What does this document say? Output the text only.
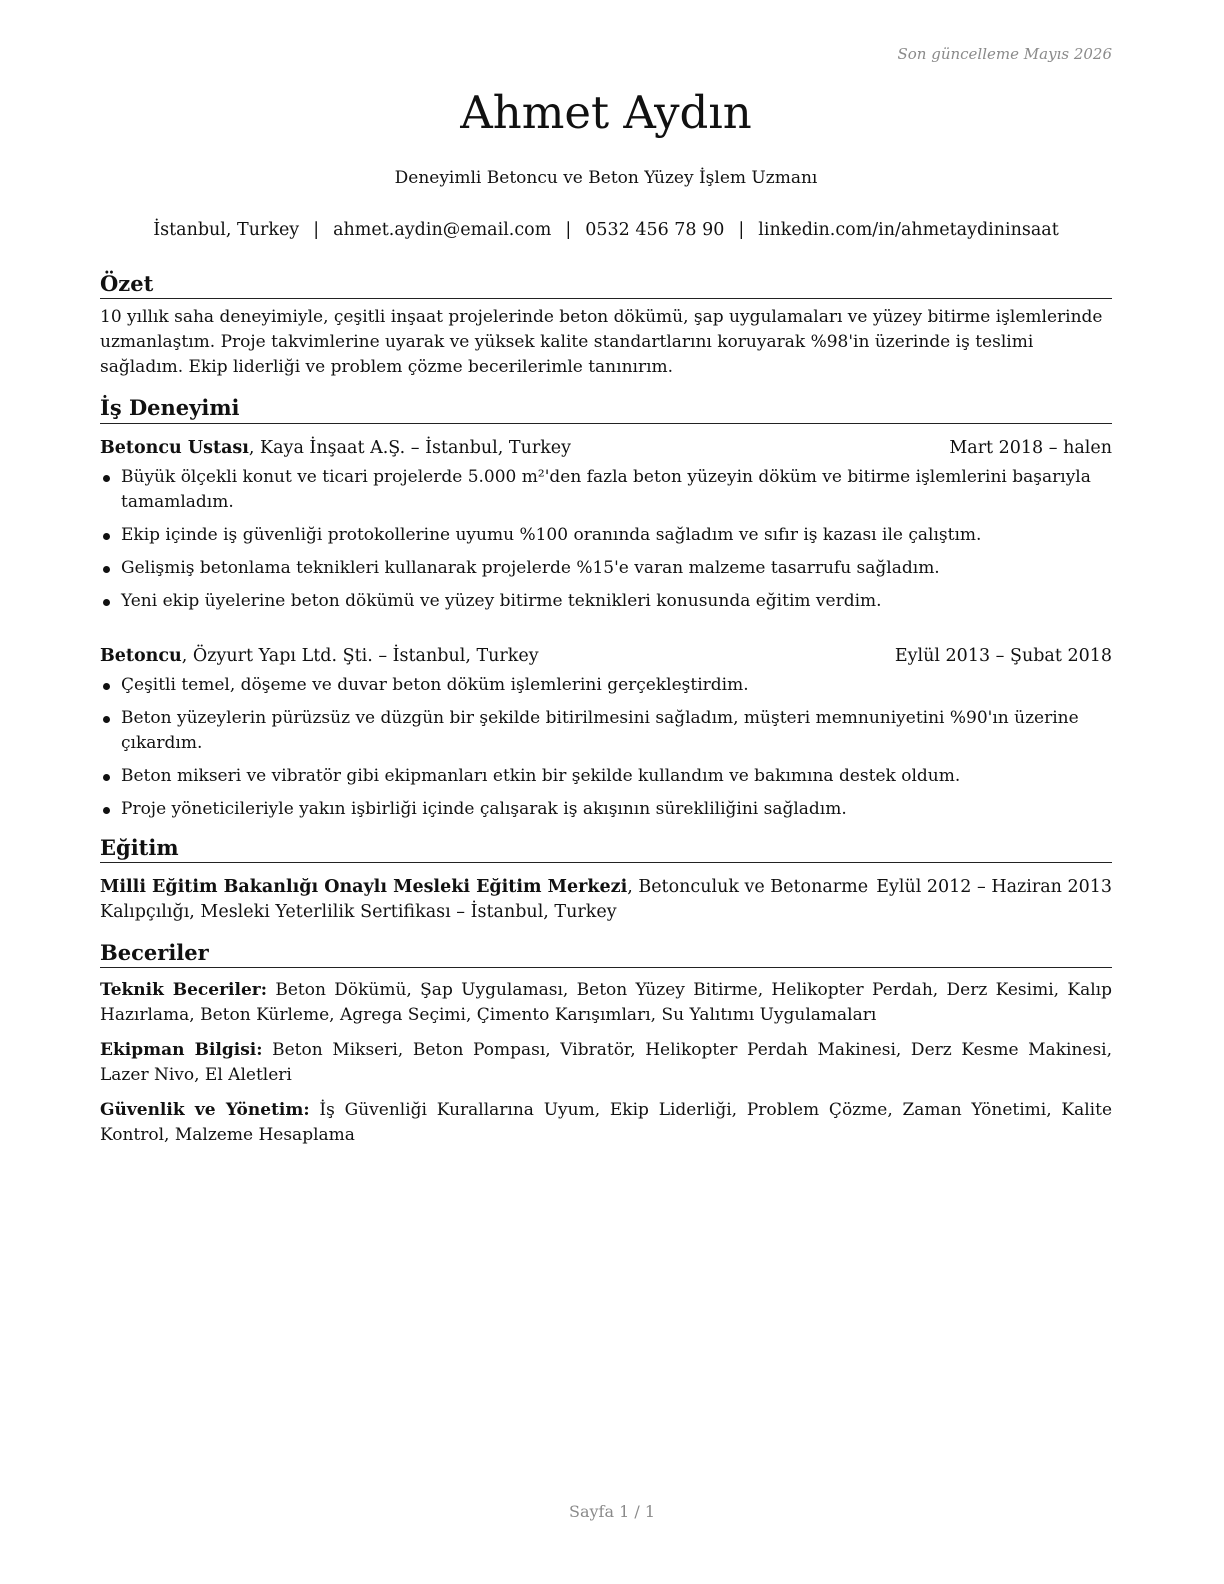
Son güncelleme Mayıs 2026
Ahmet Aydın
Deneyimli Betoncu ve Beton Yüzey İşlem Uzmanı
İstanbul, Turkey | ahmet.aydin@email.com | 0532 456 78 90 | linkedin.com/in/ahmetaydininsaat
Özet

10 yıllık saha deneyimiyle, çeşitli inşaat projelerinde beton dökümü, şap uygulamaları ve yüzey bitirme işlemlerinde uzmanlaştım. Proje takvimlerine uyarak ve yüksek kalite standartlarını koruyarak %98'in üzerinde iş teslimi sağladım. Ekip liderliği ve problem çözme becerilerimle tanınırım.

İş Deneyimi
Betoncu Ustası, Kaya İnşaat A.Ş. – İstanbul, Turkey	Mart 2018 – halen
Büyük ölçekli konut ve ticari projelerde 5.000 m²'den fazla beton yüzeyin döküm ve bitirme işlemlerini başarıyla tamamladım.
Ekip içinde iş güvenliği protokollerine uyumu %100 oranında sağladım ve sıfır iş kazası ile çalıştım.
Gelişmiş betonlama teknikleri kullanarak projelerde %15'e varan malzeme tasarrufu sağladım.
Yeni ekip üyelerine beton dökümü ve yüzey bitirme teknikleri konusunda eğitim verdim.
Betoncu, Özyurt Yapı Ltd. Şti. – İstanbul, Turkey	Eylül 2013 – Şubat 2018
Çeşitli temel, döşeme ve duvar beton döküm işlemlerini gerçekleştirdim.
Beton yüzeylerin pürüzsüz ve düzgün bir şekilde bitirilmesini sağladım, müşteri memnuniyetini %90'ın üzerine çıkardım.
Beton mikseri ve vibratör gibi ekipmanları etkin bir şekilde kullandım ve bakımına destek oldum.
Proje yöneticileriyle yakın işbirliği içinde çalışarak iş akışının sürekliliğini sağladım.
Eğitim
Milli Eğitim Bakanlığı Onaylı Mesleki Eğitim Merkezi, Betonculuk ve Betonarme Kalıpçılığı, Mesleki Yeterlilik Sertifikası – İstanbul, Turkey
Eylül 2012 – Haziran 2013
Beceriler

Teknik Beceriler: Beton Dökümü, Şap Uygulaması, Beton Yüzey Bitirme, Helikopter Perdah, Derz Kesimi, Kalıp Hazırlama, Beton Kürleme, Agrega Seçimi, Çimento Karışımları, Su Yalıtımı Uygulamaları

Ekipman Bilgisi: Beton Mikseri, Beton Pompası, Vibratör, Helikopter Perdah Makinesi, Derz Kesme Makinesi, Lazer Nivo, El Aletleri

Güvenlik ve Yönetim: İş Güvenliği Kurallarına Uyum, Ekip Liderliği, Problem Çözme, Zaman Yönetimi, Kalite Kontrol, Malzeme Hesaplama

Sayfa 1 / 1
